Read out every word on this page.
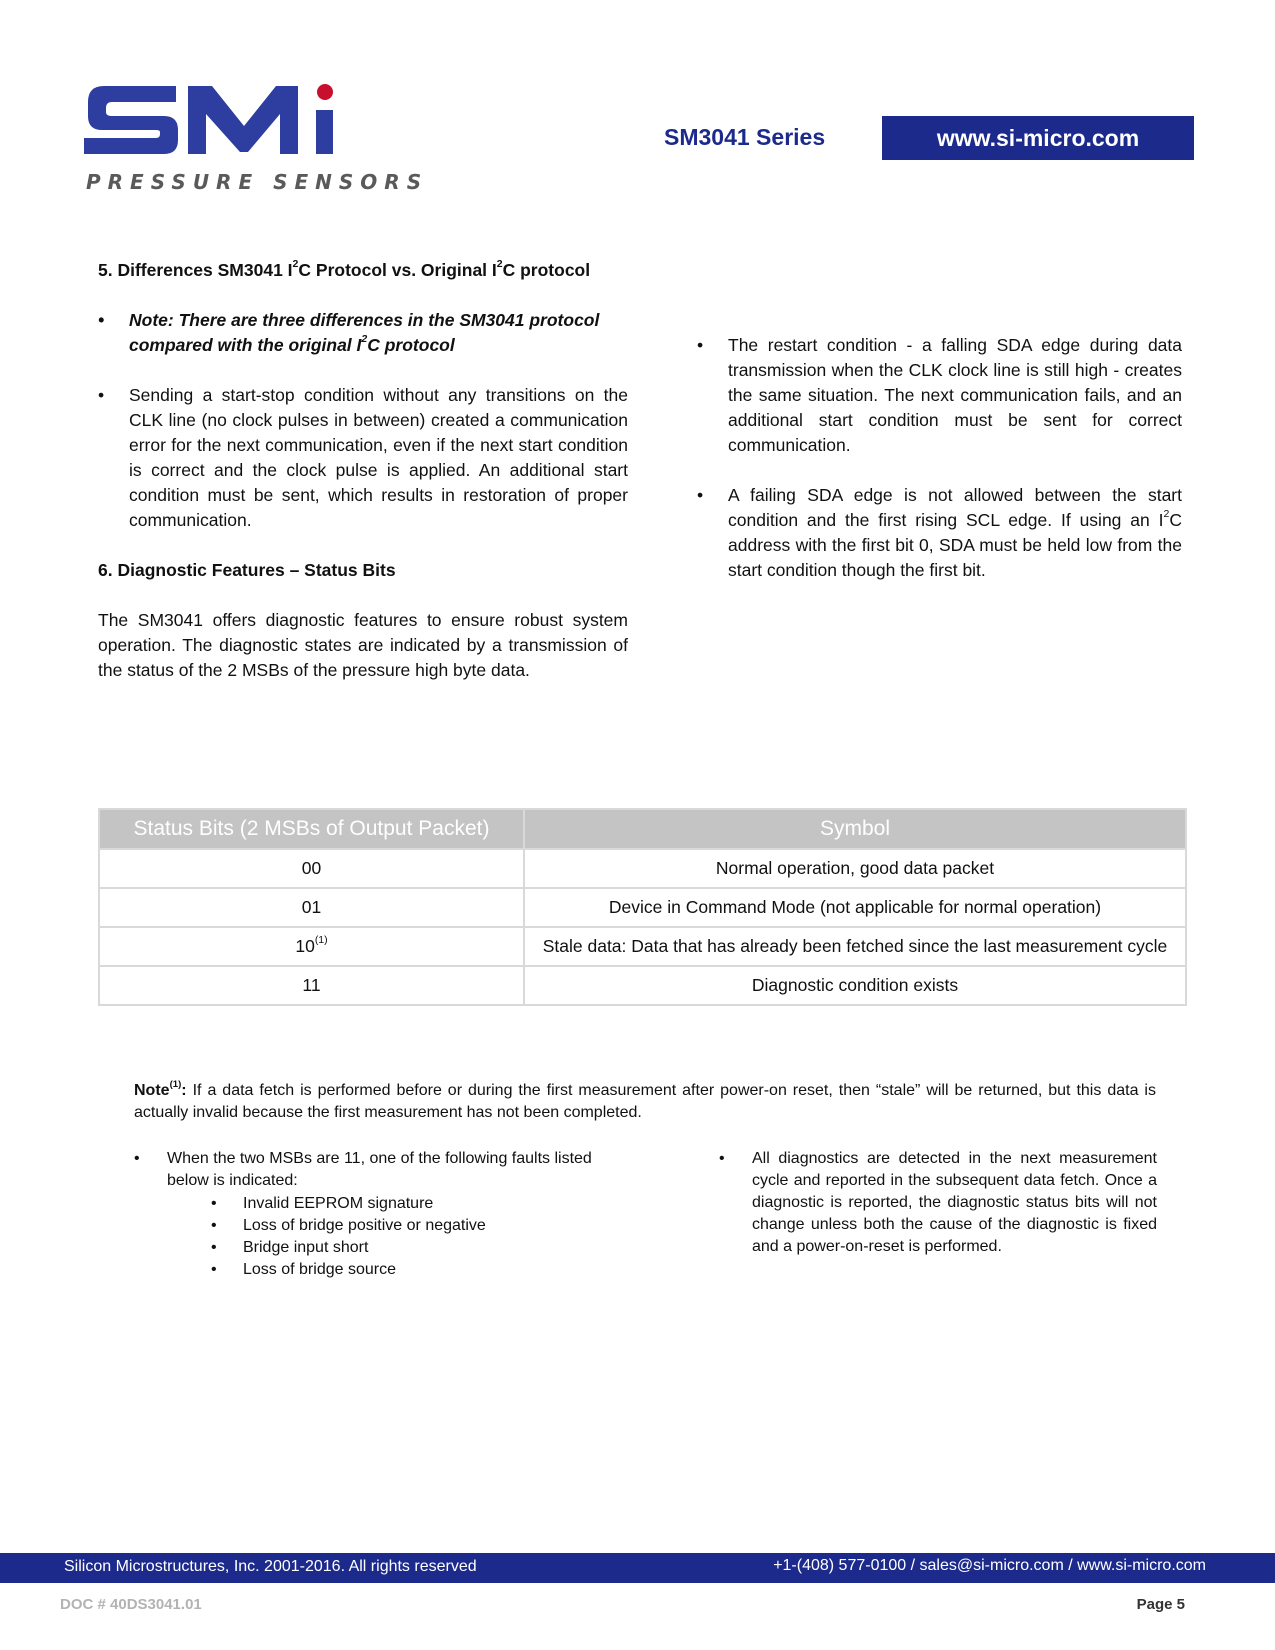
PRESSURE SENSORS
SM3041 Series	www.si-micro.com
5. Differences SM3041 $I^2C$ Protocol vs. Original $I^2C$ protocol
• Note: There are three differences in the SM3041 protocol compared with the original $I^2C$ protocol
• Sending a start-stop condition without any transitions on the CLK line (no clock pulses in between) created a communication error for the next communication, even if the next start condition is correct and the clock pulse is applied. An additional start condition must be sent, which results in restoration of proper communication.
6. Diagnostic Features – Status Bits
The SM3041 offers diagnostic features to ensure robust system operation. The diagnostic states are indicated by a transmission of the status of the 2 MSBs of the pressure high byte data.
• The restart condition - a falling SDA edge during data transmission when the CLK clock line is still high - creates the same situation. The next communication fails, and an additional start condition must be sent for correct communication.
• A failing SDA edge is not allowed between the start condition and the first rising SCL edge. If using an $I^2C$ address with the first bit 0, SDA must be held low from the start condition though the first bit.
Status Bits (2 MSBs of Output Packet)	Symbol
00	Normal operation, good data packet
01	Device in Command Mode (not applicable for normal operation)
10$^{(1)}$	Stale data: Data that has already been fetched since the last measurement cycle
11	Diagnostic condition exists
Note$^{(1)}$: If a data fetch is performed before or during the first measurement after power-on reset, then “stale” will be returned, but this data is actually invalid because the first measurement has not been completed.
• When the two MSBs are 11, one of the following faults listed below is indicated:
• Invalid EEPROM signature
• Loss of bridge positive or negative
• Bridge input short
• Loss of bridge source
• All diagnostics are detected in the next measurement cycle and reported in the subsequent data fetch. Once a diagnostic is reported, the diagnostic status bits will not change unless both the cause of the diagnostic is fixed and a power-on-reset is performed.
Silicon Microstructures, Inc. 2001-2016. All rights reserved	+1-(408) 577-0100 / sales@si-micro.com / www.si-micro.com
DOC # 40DS3041.01	Page 5
